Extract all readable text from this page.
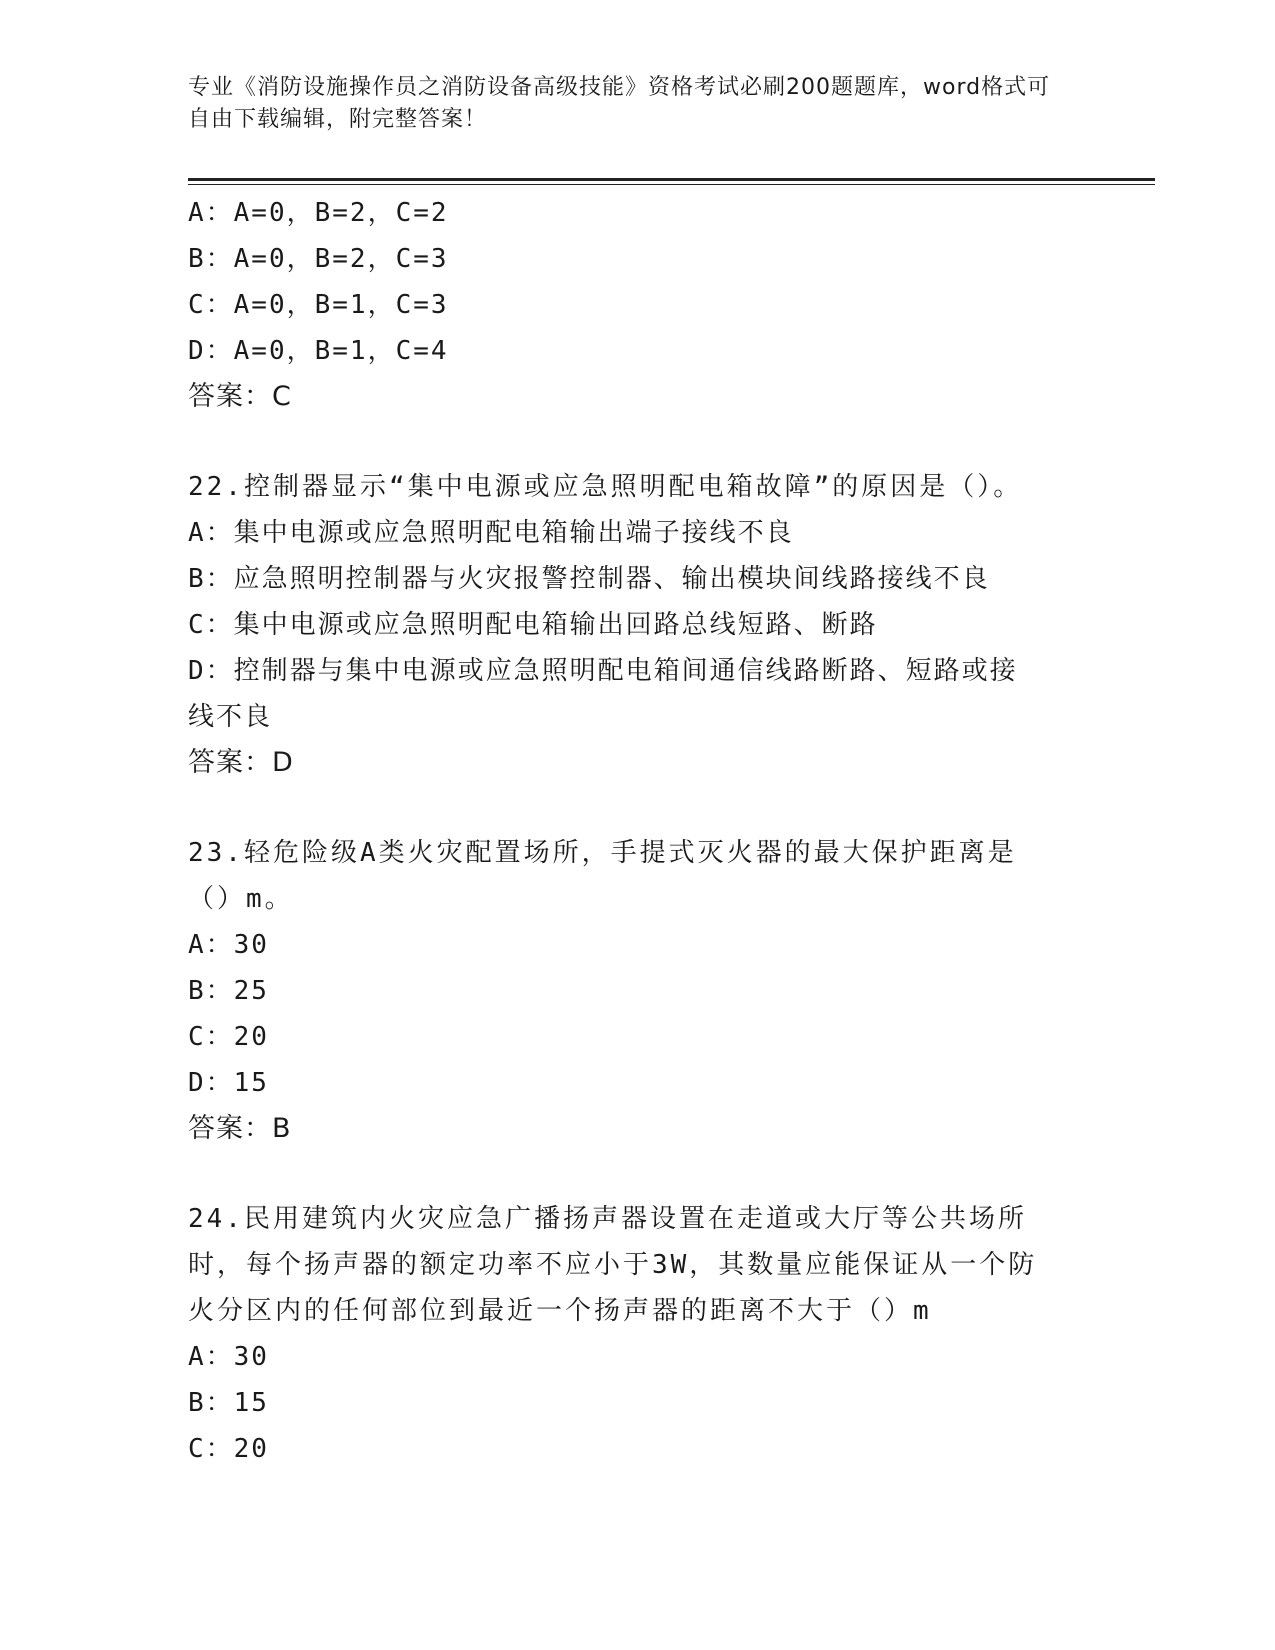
专业《消防设施操作员之消防设备高级技能》资格考试必刷200题题库，word格式可自由下载编辑，附完整答案！
A：A=0，B=2，C=2
B：A=0，B=2，C=3
C：A=0，B=1，C=3
D：A=0，B=1，C=4
答案：C
22.控制器显示“集中电源或应急照明配电箱故障”的原因是（）。
A：集中电源或应急照明配电箱输出端子接线不良
B：应急照明控制器与火灾报警控制器、输出模块间线路接线不良
C：集中电源或应急照明配电箱输出回路总线短路、断路
D：控制器与集中电源或应急照明配电箱间通信线路断路、短路或接线不良
答案：D
23.轻危险级A类火灾配置场所，手提式灭火器的最大保护距离是（）m。
A：30
B：25
C：20
D：15
答案：B
24.民用建筑内火灾应急广播扬声器设置在走道或大厅等公共场所时，每个扬声器的额定功率不应小于3W，其数量应能保证从一个防火分区内的任何部位到最近一个扬声器的距离不大于（）m
A：30
B：15
C：20
